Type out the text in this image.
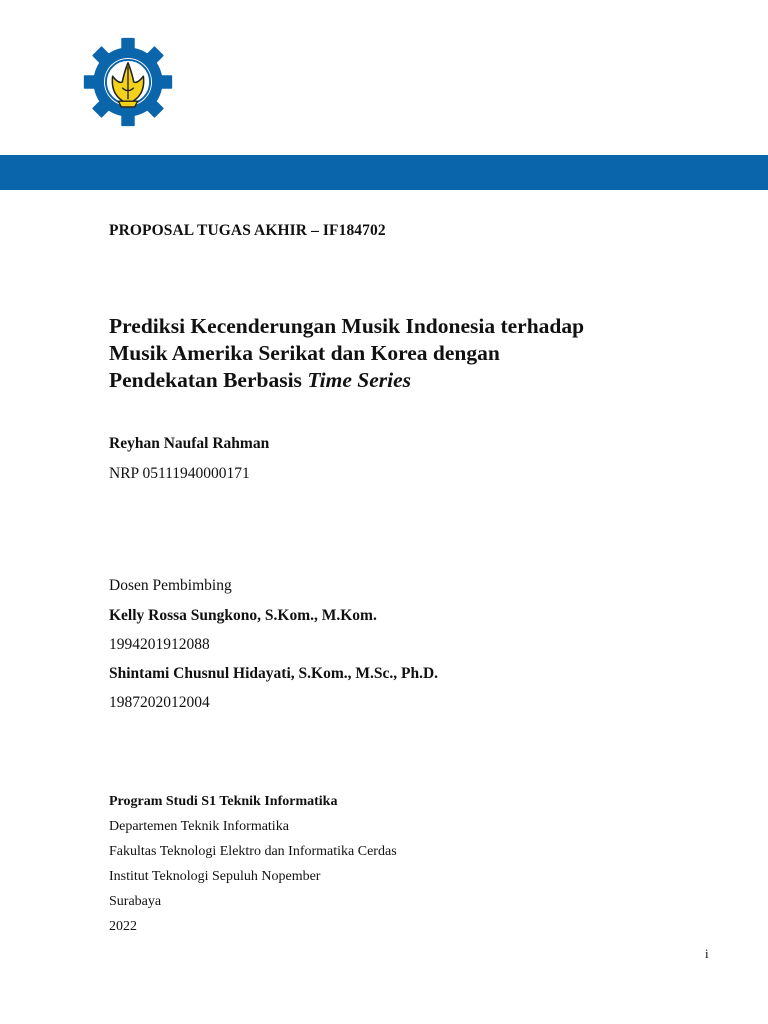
PROPOSAL TUGAS AKHIR – IF184702
Prediksi Kecenderungan Musik Indonesia terhadap
Musik Amerika Serikat dan Korea dengan
Pendekatan Berbasis Time Series
Reyhan Naufal Rahman
NRP 05111940000171
Dosen Pembimbing
Kelly Rossa Sungkono, S.Kom., M.Kom.
1994201912088
Shintami Chusnul Hidayati, S.Kom., M.Sc., Ph.D.
1987202012004
Program Studi S1 Teknik Informatika
Departemen Teknik Informatika
Fakultas Teknologi Elektro dan Informatika Cerdas
Institut Teknologi Sepuluh Nopember
Surabaya
2022
i
